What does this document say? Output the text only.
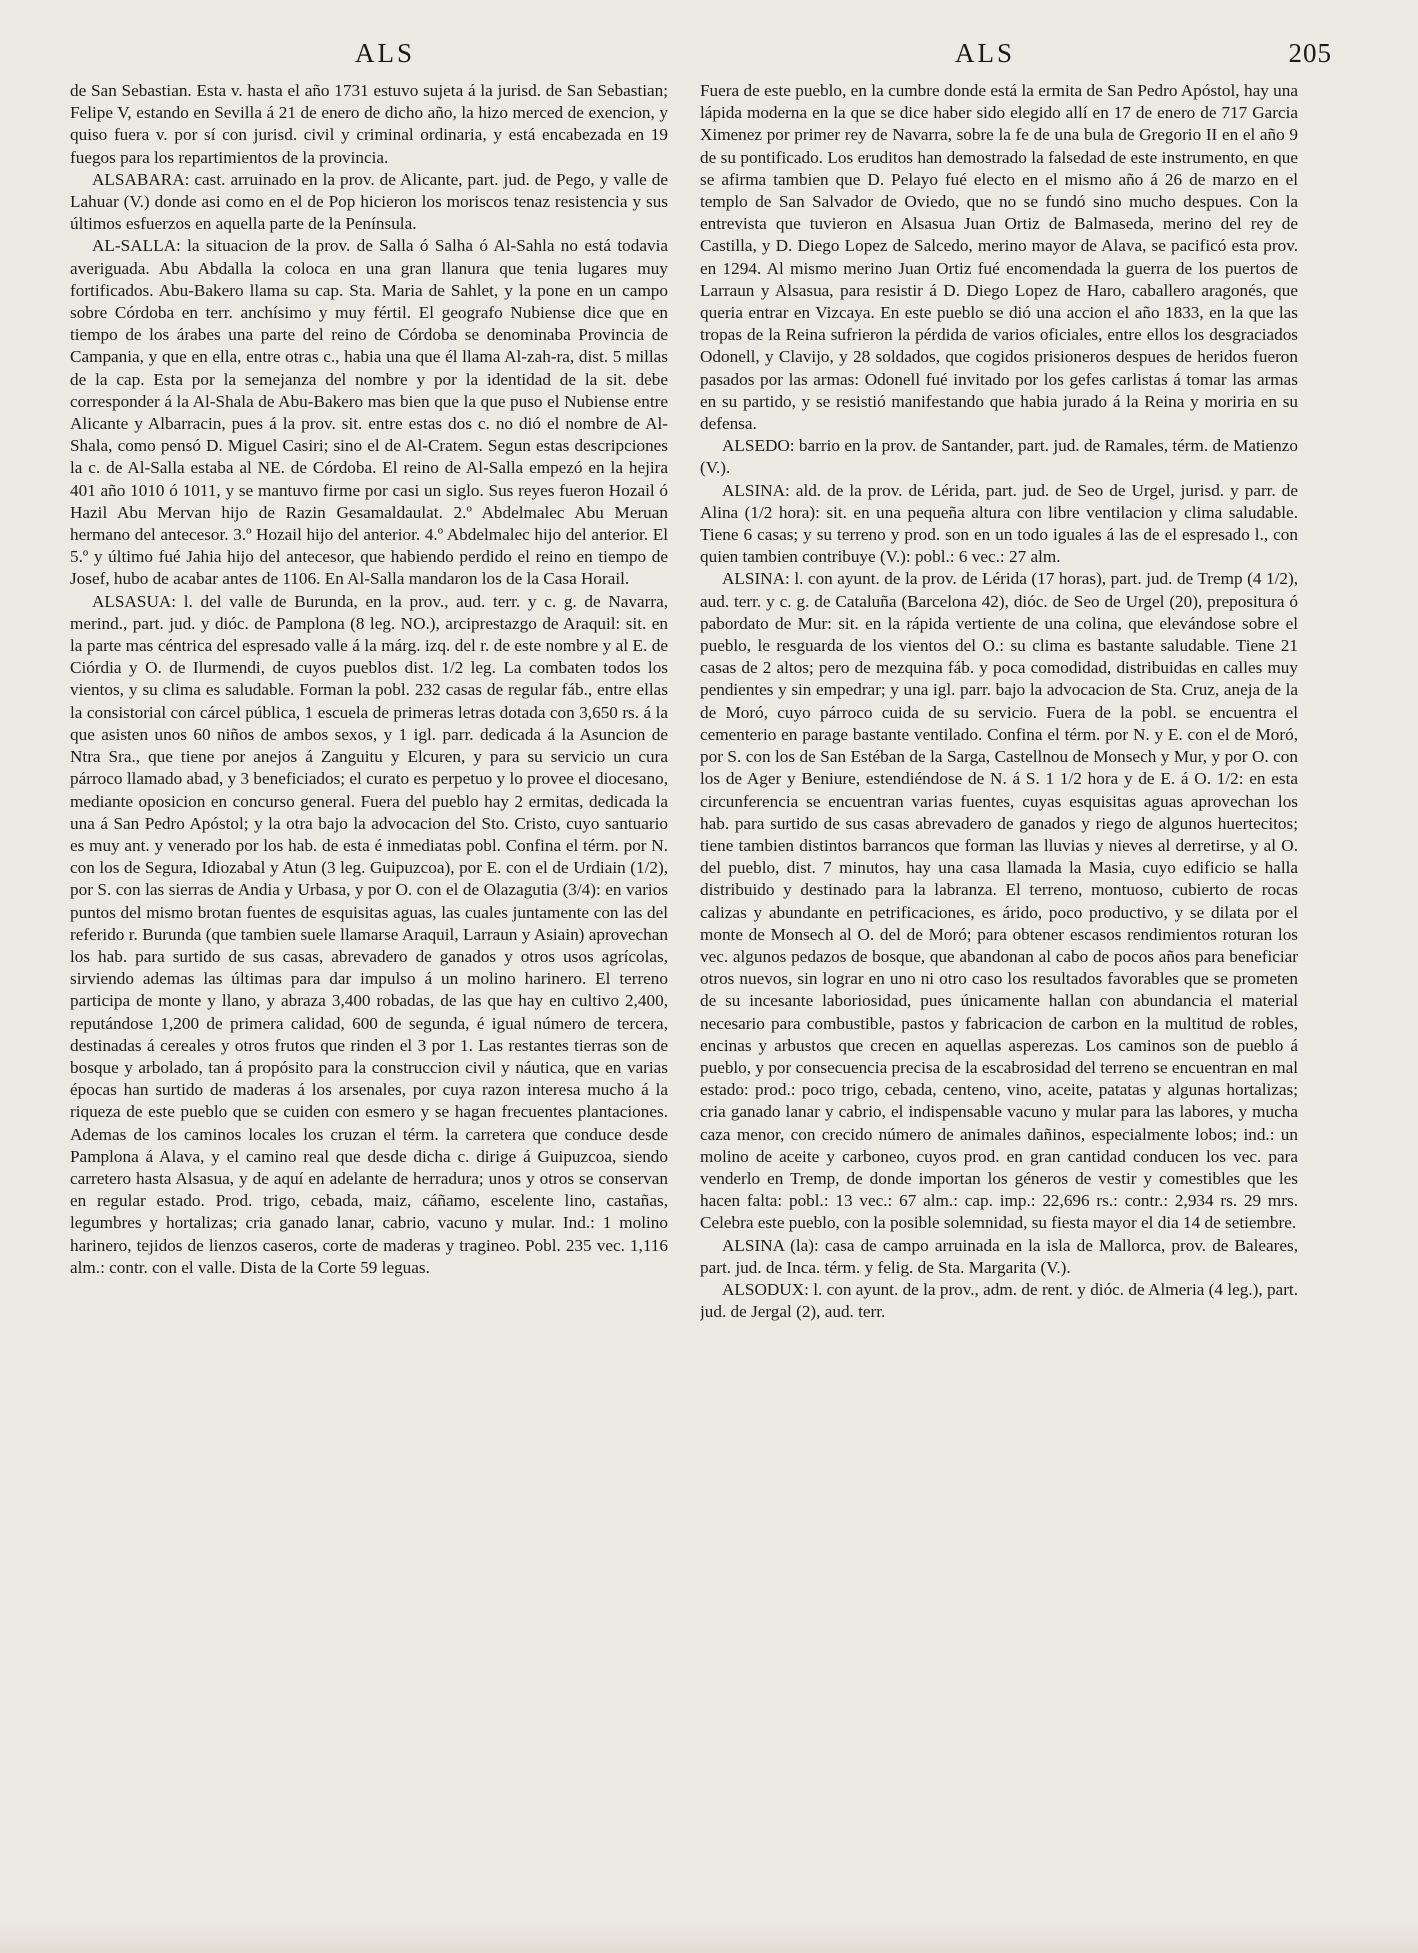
ALS	ALS	205

de San Sebastian. Esta v. hasta el año 1731 estuvo sujeta á la jurisd. de San Sebastian; Felipe V, estando en Sevilla á 21 de enero de dicho año, la hizo merced de exencion, y quiso fuera v. por sí con jurisd. civil y criminal ordinaria, y está encabezada en 19 fuegos para los repartimientos de la provincia.

ALSABARA: cast. arruinado en la prov. de Alicante, part. jud. de Pego, y valle de Lahuar (V.) donde asi como en el de Pop hicieron los moriscos tenaz resistencia y sus últimos esfuerzos en aquella parte de la Península.

AL-SALLA: la situacion de la prov. de Salla ó Salha ó Al-Sahla no está todavia averiguada. Abu Abdalla la coloca en una gran llanura que tenia lugares muy fortificados. Abu-Bakero llama su cap. Sta. Maria de Sahlet, y la pone en un campo sobre Córdoba en terr. anchísimo y muy fértil. El geografo Nubiense dice que en tiempo de los árabes una parte del reino de Córdoba se denominaba Provincia de Campania, y que en ella, entre otras c., habia una que él llama Al-zah-ra, dist. 5 millas de la cap. Esta por la semejanza del nombre y por la identidad de la sit. debe corresponder á la Al-Shala de Abu-Bakero mas bien que la que puso el Nubiense entre Alicante y Albarracin, pues á la prov. sit. entre estas dos c. no dió el nombre de Al-Shala, como pensó D. Miguel Casiri; sino el de Al-Cratem. Segun estas descripciones la c. de Al-Salla estaba al NE. de Córdoba. El reino de Al-Salla empezó en la hejira 401 año 1010 ó 1011, y se mantuvo firme por casi un siglo. Sus reyes fueron Hozail ó Hazil Abu Mervan hijo de Razin Gesamaldaulat. 2.º Abdelmalec Abu Meruan hermano del antecesor. 3.º Hozail hijo del anterior. 4.º Abdelmalec hijo del anterior. El 5.º y último fué Jahia hijo del antecesor, que habiendo perdido el reino en tiempo de Josef, hubo de acabar antes de 1106. En Al-Salla mandaron los de la Casa Horail.

ALSASUA: l. del valle de Burunda, en la prov., aud. terr. y c. g. de Navarra, merind., part. jud. y dióc. de Pamplona (8 leg. NO.), arciprestazgo de Araquil: sit. en la parte mas céntrica del espresado valle á la márg. izq. del r. de este nombre y al E. de Ciórdia y O. de Ilurmendi, de cuyos pueblos dist. 1/2 leg. La combaten todos los vientos, y su clima es saludable. Forman la pobl. 232 casas de regular fáb., entre ellas la consistorial con cárcel pública, 1 escuela de primeras letras dotada con 3,650 rs. á la que asisten unos 60 niños de ambos sexos, y 1 igl. parr. dedicada á la Asuncion de Ntra Sra., que tiene por anejos á Zanguitu y Elcuren, y para su servicio un cura párroco llamado abad, y 3 beneficiados; el curato es perpetuo y lo provee el diocesano, mediante oposicion en concurso general. Fuera del pueblo hay 2 ermitas, dedicada la una á San Pedro Apóstol; y la otra bajo la advocacion del Sto. Cristo, cuyo santuario es muy ant. y venerado por los hab. de esta é inmediatas pobl. Confina el térm. por N. con los de Segura, Idiozabal y Atun (3 leg. Guipuzcoa), por E. con el de Urdiain (1/2), por S. con las sierras de Andia y Urbasa, y por O. con el de Olazagutia (3/4): en varios puntos del mismo brotan fuentes de esquisitas aguas, las cuales juntamente con las del referido r. Burunda (que tambien suele llamarse Araquil, Larraun y Asiain) aprovechan los hab. para surtido de sus casas, abrevadero de ganados y otros usos agrícolas, sirviendo ademas las últimas para dar impulso á un molino harinero. El terreno participa de monte y llano, y abraza 3,400 robadas, de las que hay en cultivo 2,400, reputándose 1,200 de primera calidad, 600 de segunda, é igual número de tercera, destinadas á cereales y otros frutos que rinden el 3 por 1. Las restantes tierras son de bosque y arbolado, tan á propósito para la construccion civil y náutica, que en varias épocas han surtido de maderas á los arsenales, por cuya razon interesa mucho á la riqueza de este pueblo que se cuiden con esmero y se hagan frecuentes plantaciones. Ademas de los caminos locales los cruzan el térm. la carretera que conduce desde Pamplona á Alava, y el camino real que desde dicha c. dirige á Guipuzcoa, siendo carretero hasta Alsasua, y de aquí en adelante de herradura; unos y otros se conservan en regular estado. Prod. trigo, cebada, maiz, cáñamo, escelente lino, castañas, legumbres y hortalizas; cria ganado lanar, cabrio, vacuno y mular. Ind.: 1 molino harinero, tejidos de lienzos caseros, corte de maderas y tragineo. Pobl. 235 vec. 1,116 alm.: contr. con el valle. Dista de la Corte 59 leguas.

Fuera de este pueblo, en la cumbre donde está la ermita de San Pedro Apóstol, hay una lápida moderna en la que se dice haber sido elegido allí en 17 de enero de 717 Garcia Ximenez por primer rey de Navarra, sobre la fe de una bula de Gregorio II en el año 9 de su pontificado. Los eruditos han demostrado la falsedad de este instrumento, en que se afirma tambien que D. Pelayo fué electo en el mismo año á 26 de marzo en el templo de San Salvador de Oviedo, que no se fundó sino mucho despues. Con la entrevista que tuvieron en Alsasua Juan Ortiz de Balmaseda, merino del rey de Castilla, y D. Diego Lopez de Salcedo, merino mayor de Alava, se pacificó esta prov. en 1294. Al mismo merino Juan Ortiz fué encomendada la guerra de los puertos de Larraun y Alsasua, para resistir á D. Diego Lopez de Haro, caballero aragonés, que queria entrar en Vizcaya. En este pueblo se dió una accion el año 1833, en la que las tropas de la Reina sufrieron la pérdida de varios oficiales, entre ellos los desgraciados Odonell, y Clavijo, y 28 soldados, que cogidos prisioneros despues de heridos fueron pasados por las armas: Odonell fué invitado por los gefes carlistas á tomar las armas en su partido, y se resistió manifestando que habia jurado á la Reina y moriria en su defensa.

ALSEDO: barrio en la prov. de Santander, part. jud. de Ramales, térm. de Matienzo (V.).

ALSINA: ald. de la prov. de Lérida, part. jud. de Seo de Urgel, jurisd. y parr. de Alina (1/2 hora): sit. en una pequeña altura con libre ventilacion y clima saludable. Tiene 6 casas; y su terreno y prod. son en un todo iguales á las de el espresado l., con quien tambien contribuye (V.): pobl.: 6 vec.: 27 alm.

ALSINA: l. con ayunt. de la prov. de Lérida (17 horas), part. jud. de Tremp (4 1/2), aud. terr. y c. g. de Cataluña (Barcelona 42), dióc. de Seo de Urgel (20), prepositura ó pabordato de Mur: sit. en la rápida vertiente de una colina, que elevándose sobre el pueblo, le resguarda de los vientos del O.: su clima es bastante saludable. Tiene 21 casas de 2 altos; pero de mezquina fáb. y poca comodidad, distribuidas en calles muy pendientes y sin empedrar; y una igl. parr. bajo la advocacion de Sta. Cruz, aneja de la de Moró, cuyo párroco cuida de su servicio. Fuera de la pobl. se encuentra el cementerio en parage bastante ventilado. Confina el térm. por N. y E. con el de Moró, por S. con los de San Estéban de la Sarga, Castellnou de Monsech y Mur, y por O. con los de Ager y Beniure, estendiéndose de N. á S. 1 1/2 hora y de E. á O. 1/2: en esta circunferencia se encuentran varias fuentes, cuyas esquisitas aguas aprovechan los hab. para surtido de sus casas abrevadero de ganados y riego de algunos huertecitos; tiene tambien distintos barrancos que forman las lluvias y nieves al derretirse, y al O. del pueblo, dist. 7 minutos, hay una casa llamada la Masia, cuyo edificio se halla distribuido y destinado para la labranza. El terreno, montuoso, cubierto de rocas calizas y abundante en petrificaciones, es árido, poco productivo, y se dilata por el monte de Monsech al O. del de Moró; para obtener escasos rendimientos roturan los vec. algunos pedazos de bosque, que abandonan al cabo de pocos años para beneficiar otros nuevos, sin lograr en uno ni otro caso los resultados favorables que se prometen de su incesante laboriosidad, pues únicamente hallan con abundancia el material necesario para combustible, pastos y fabricacion de carbon en la multitud de robles, encinas y arbustos que crecen en aquellas asperezas. Los caminos son de pueblo á pueblo, y por consecuencia precisa de la escabrosidad del terreno se encuentran en mal estado: prod.: poco trigo, cebada, centeno, vino, aceite, patatas y algunas hortalizas; cria ganado lanar y cabrio, el indispensable vacuno y mular para las labores, y mucha caza menor, con crecido número de animales dañinos, especialmente lobos; ind.: un molino de aceite y carboneo, cuyos prod. en gran cantidad conducen los vec. para venderlo en Tremp, de donde importan los géneros de vestir y comestibles que les hacen falta: pobl.: 13 vec.: 67 alm.: cap. imp.: 22,696 rs.: contr.: 2,934 rs. 29 mrs. Celebra este pueblo, con la posible solemnidad, su fiesta mayor el dia 14 de setiembre.

ALSINA (la): casa de campo arruinada en la isla de Mallorca, prov. de Baleares, part. jud. de Inca. térm. y felig. de Sta. Margarita (V.).

ALSODUX: l. con ayunt. de la prov., adm. de rent. y dióc. de Almeria (4 leg.), part. jud. de Jergal (2), aud. terr.
